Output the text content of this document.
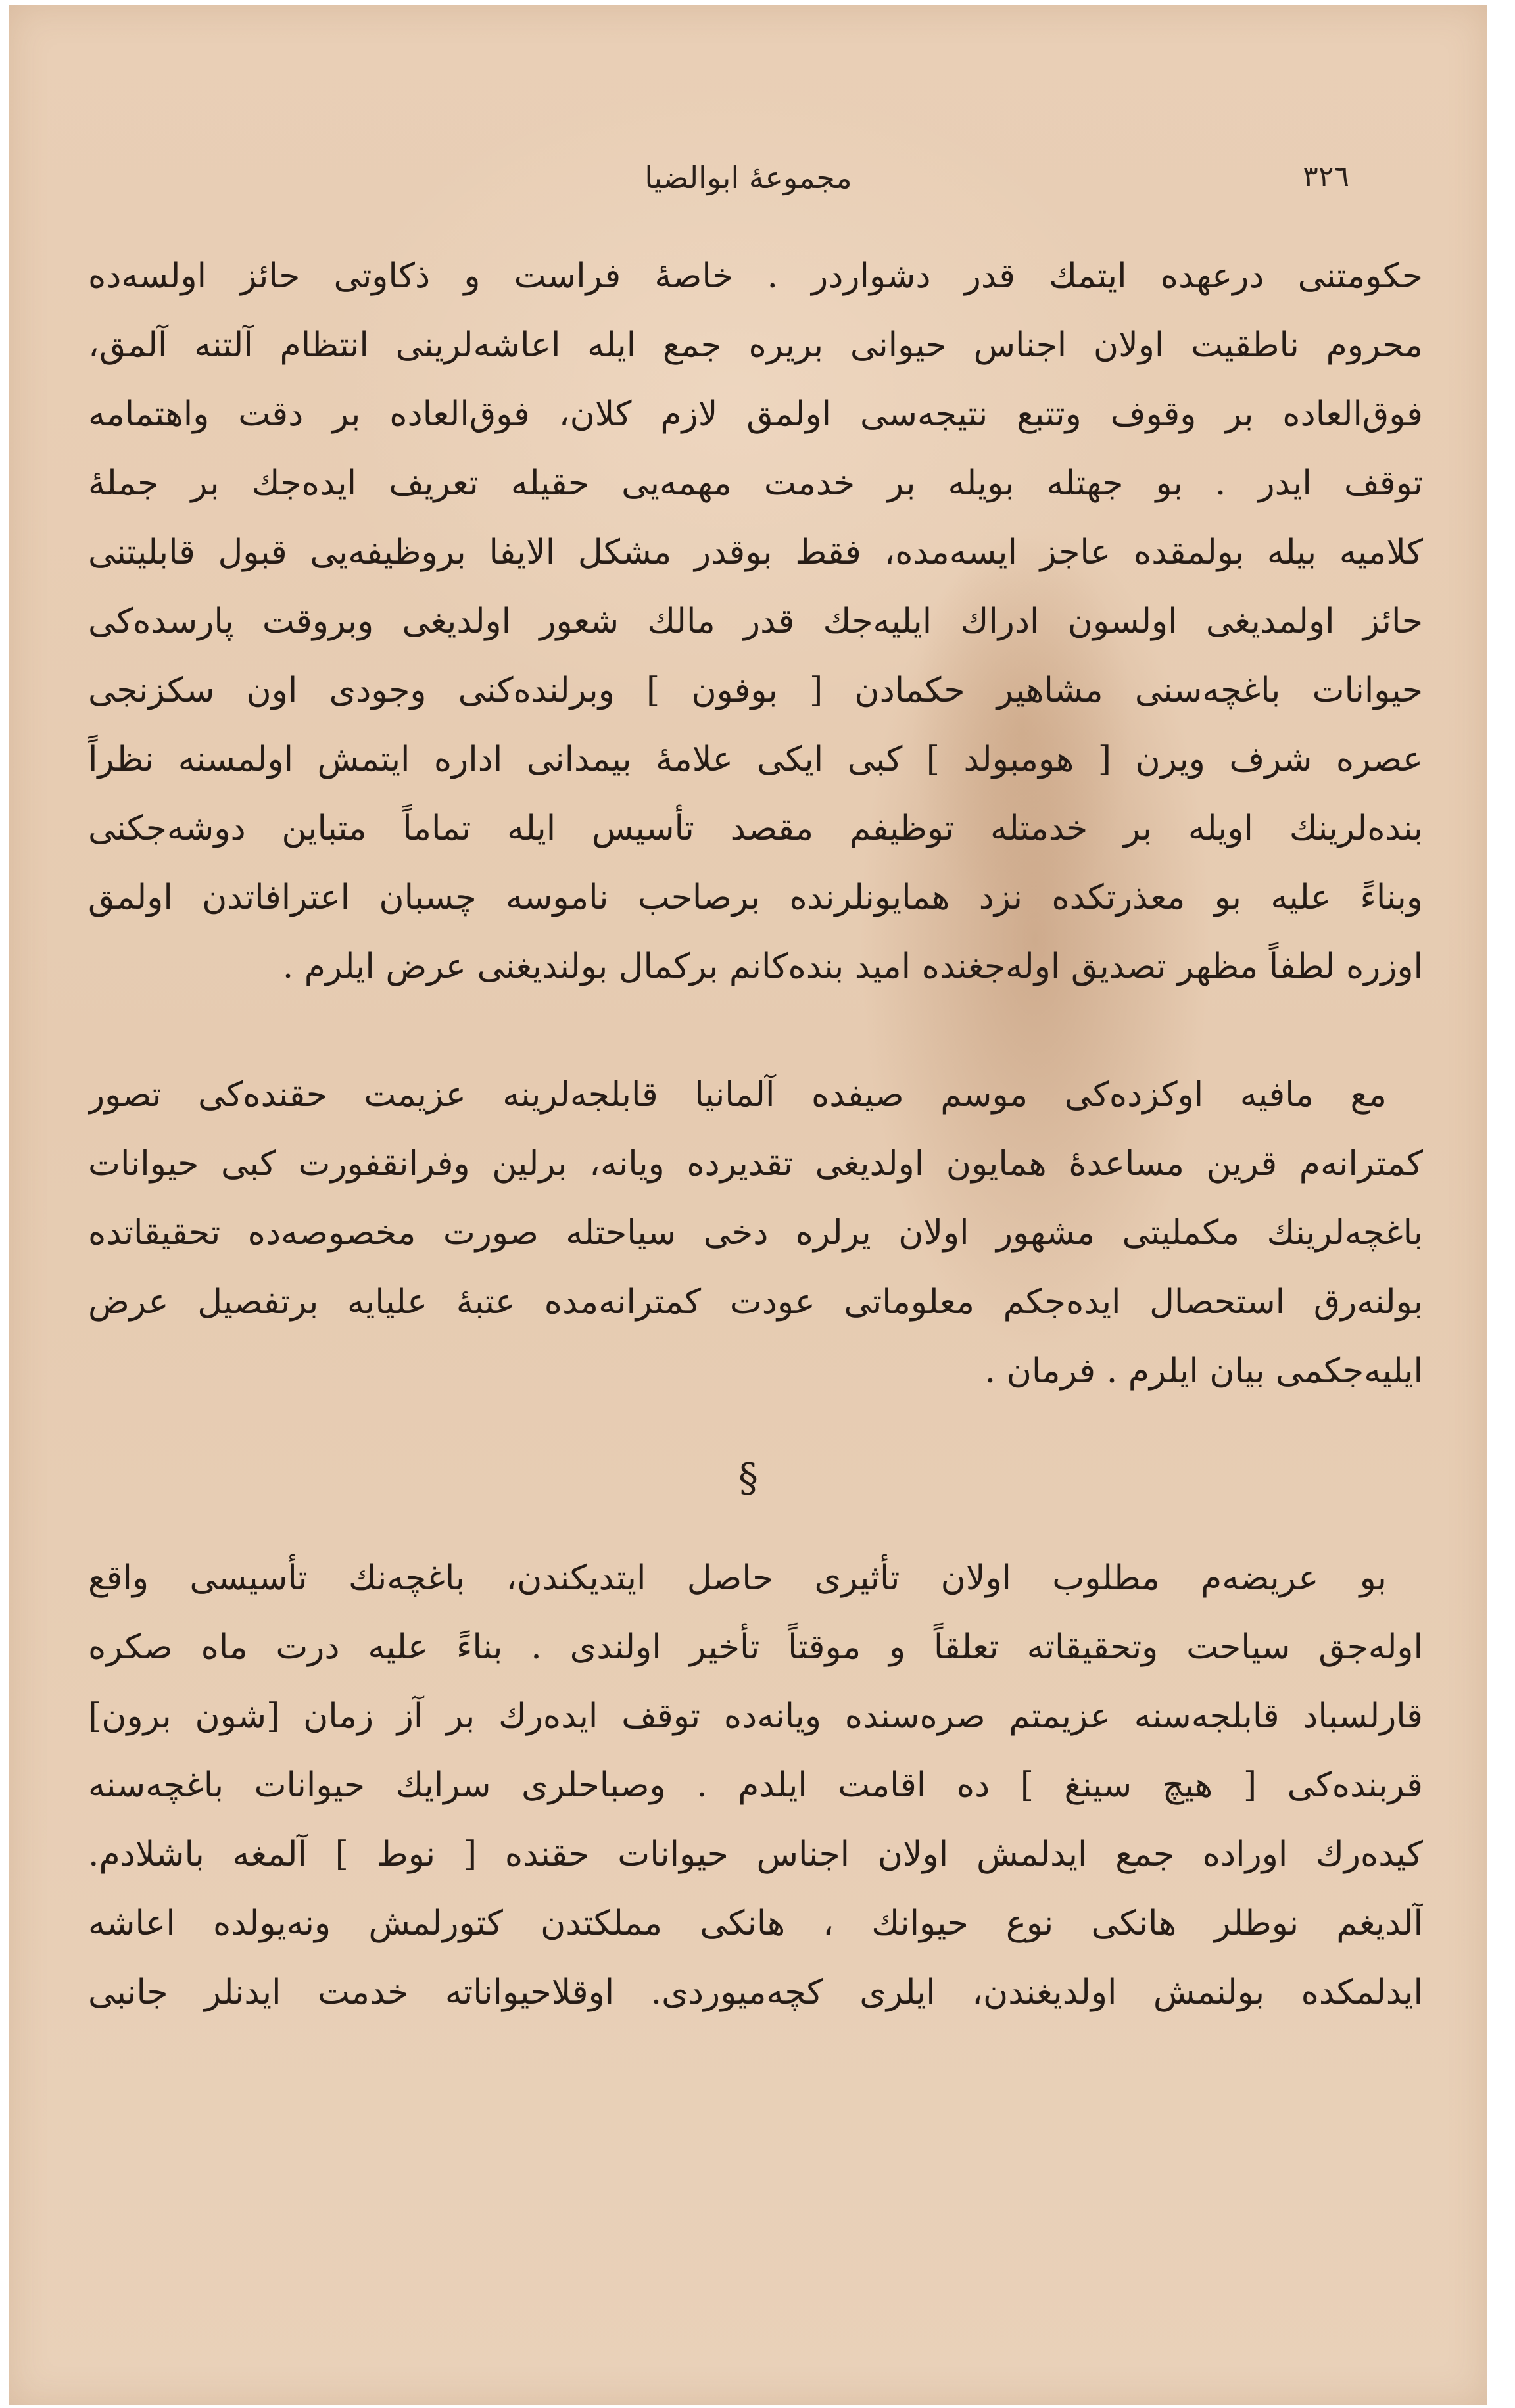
٣٢٦
مجموعهٔ ابوالضيا
حكومتنى درعهده ايتمك قدر دشواردر . خاصهٔ فراست و ذكاوتى حائز اولسه‌ده
محروم ناطقيت اولان اجناس حيوانى بريره جمع ايله اعاشه‌لرينى انتظام آلتنه آلمق،
فوق‌العاده بر وقوف وتتبع نتيجه‌سى اولمق لازم كلان، فوق‌العاده بر دقت واهتمامه
توقف ايدر . بو جهتله بويله بر خدمت مهمه‌يى حقيله تعريف ايده‌جك بر جملهٔ
كلاميه بيله بولمقده عاجز ايسه‌مده، فقط بوقدر مشكل الايفا بروظيفه‌يى قبول قابليتنى
حائز اولمديغى اولسون ادراك ايليه‌جك قدر مالك شعور اولديغى وبروقت پارسده‌كى
حيوانات باغچه‌سنى مشاهير حكمادن [ بوفون ] وبرلنده‌كنى وجودى اون سكزنجى
عصره شرف ويرن [ هومبولد ] كبى ايكى علامهٔ بيمدانى اداره ايتمش اولمسنه نظراً
بنده‌لرينك اويله بر خدمتله توظيفم مقصد تأسيس ايله تماماً متباين دوشه‌جكنى
وبناءً عليه بو معذرتكده نزد همايونلرنده برصاحب ناموسه چسبان اعترافاتدن اولمق
اوزره لطفاً مظهر تصديق اوله‌جغنده اميد بنده‌كانم بركمال بولنديغنى عرض ايلرم .
مع مافيه اوكزده‌كى موسم صيفده آلمانيا قابلجه‌لرينه عزيمت حقنده‌كى تصور
كمترانه‌م قرين مساعدهٔ همايون اولديغى تقديرده ويانه، برلين وفرانقفورت كبى حيوانات
باغچه‌لرينك مكمليتى مشهور اولان يرلره دخى سياحتله صورت مخصوصه‌ده تحقيقاتده
بولنه‌رق استحصال ايده‌جكم معلوماتى عودت كمترانه‌مده عتبهٔ عليايه برتفصيل عرض
ايليه‌جكمى بيان ايلرم . فرمان .
§
بو عريضه‌م مطلوب اولان تأثيرى حاصل ايتديكندن، باغچه‌نك تأسيسى واقع
اوله‌جق سياحت وتحقيقاته تعلقاً و موقتاً تأخير اولندى . بناءً عليه درت ماه صكره
قارلسباد قابلجه‌سنه عزيمتم صره‌سنده ويانه‌ده توقف ايده‌رك بر آز زمان [شون برون]
قربنده‌كى [ هيچ سينغ ] ده اقامت ايلدم . وصباحلرى سرايك حيوانات باغچه‌سنه
كيده‌رك اوراده جمع ايدلمش اولان اجناس حيوانات حقنده [ نوط ] آلمغه باشلادم.
آلديغم نوطلر هانكى نوع حيوانك ، هانكى مملكتدن كتورلمش ونه‌يولده اعاشه
ايدلمكده بولنمش اولديغندن، ايلرى كچه‌ميوردى. اوقلاحيواناته خدمت ايدنلر جانبى
